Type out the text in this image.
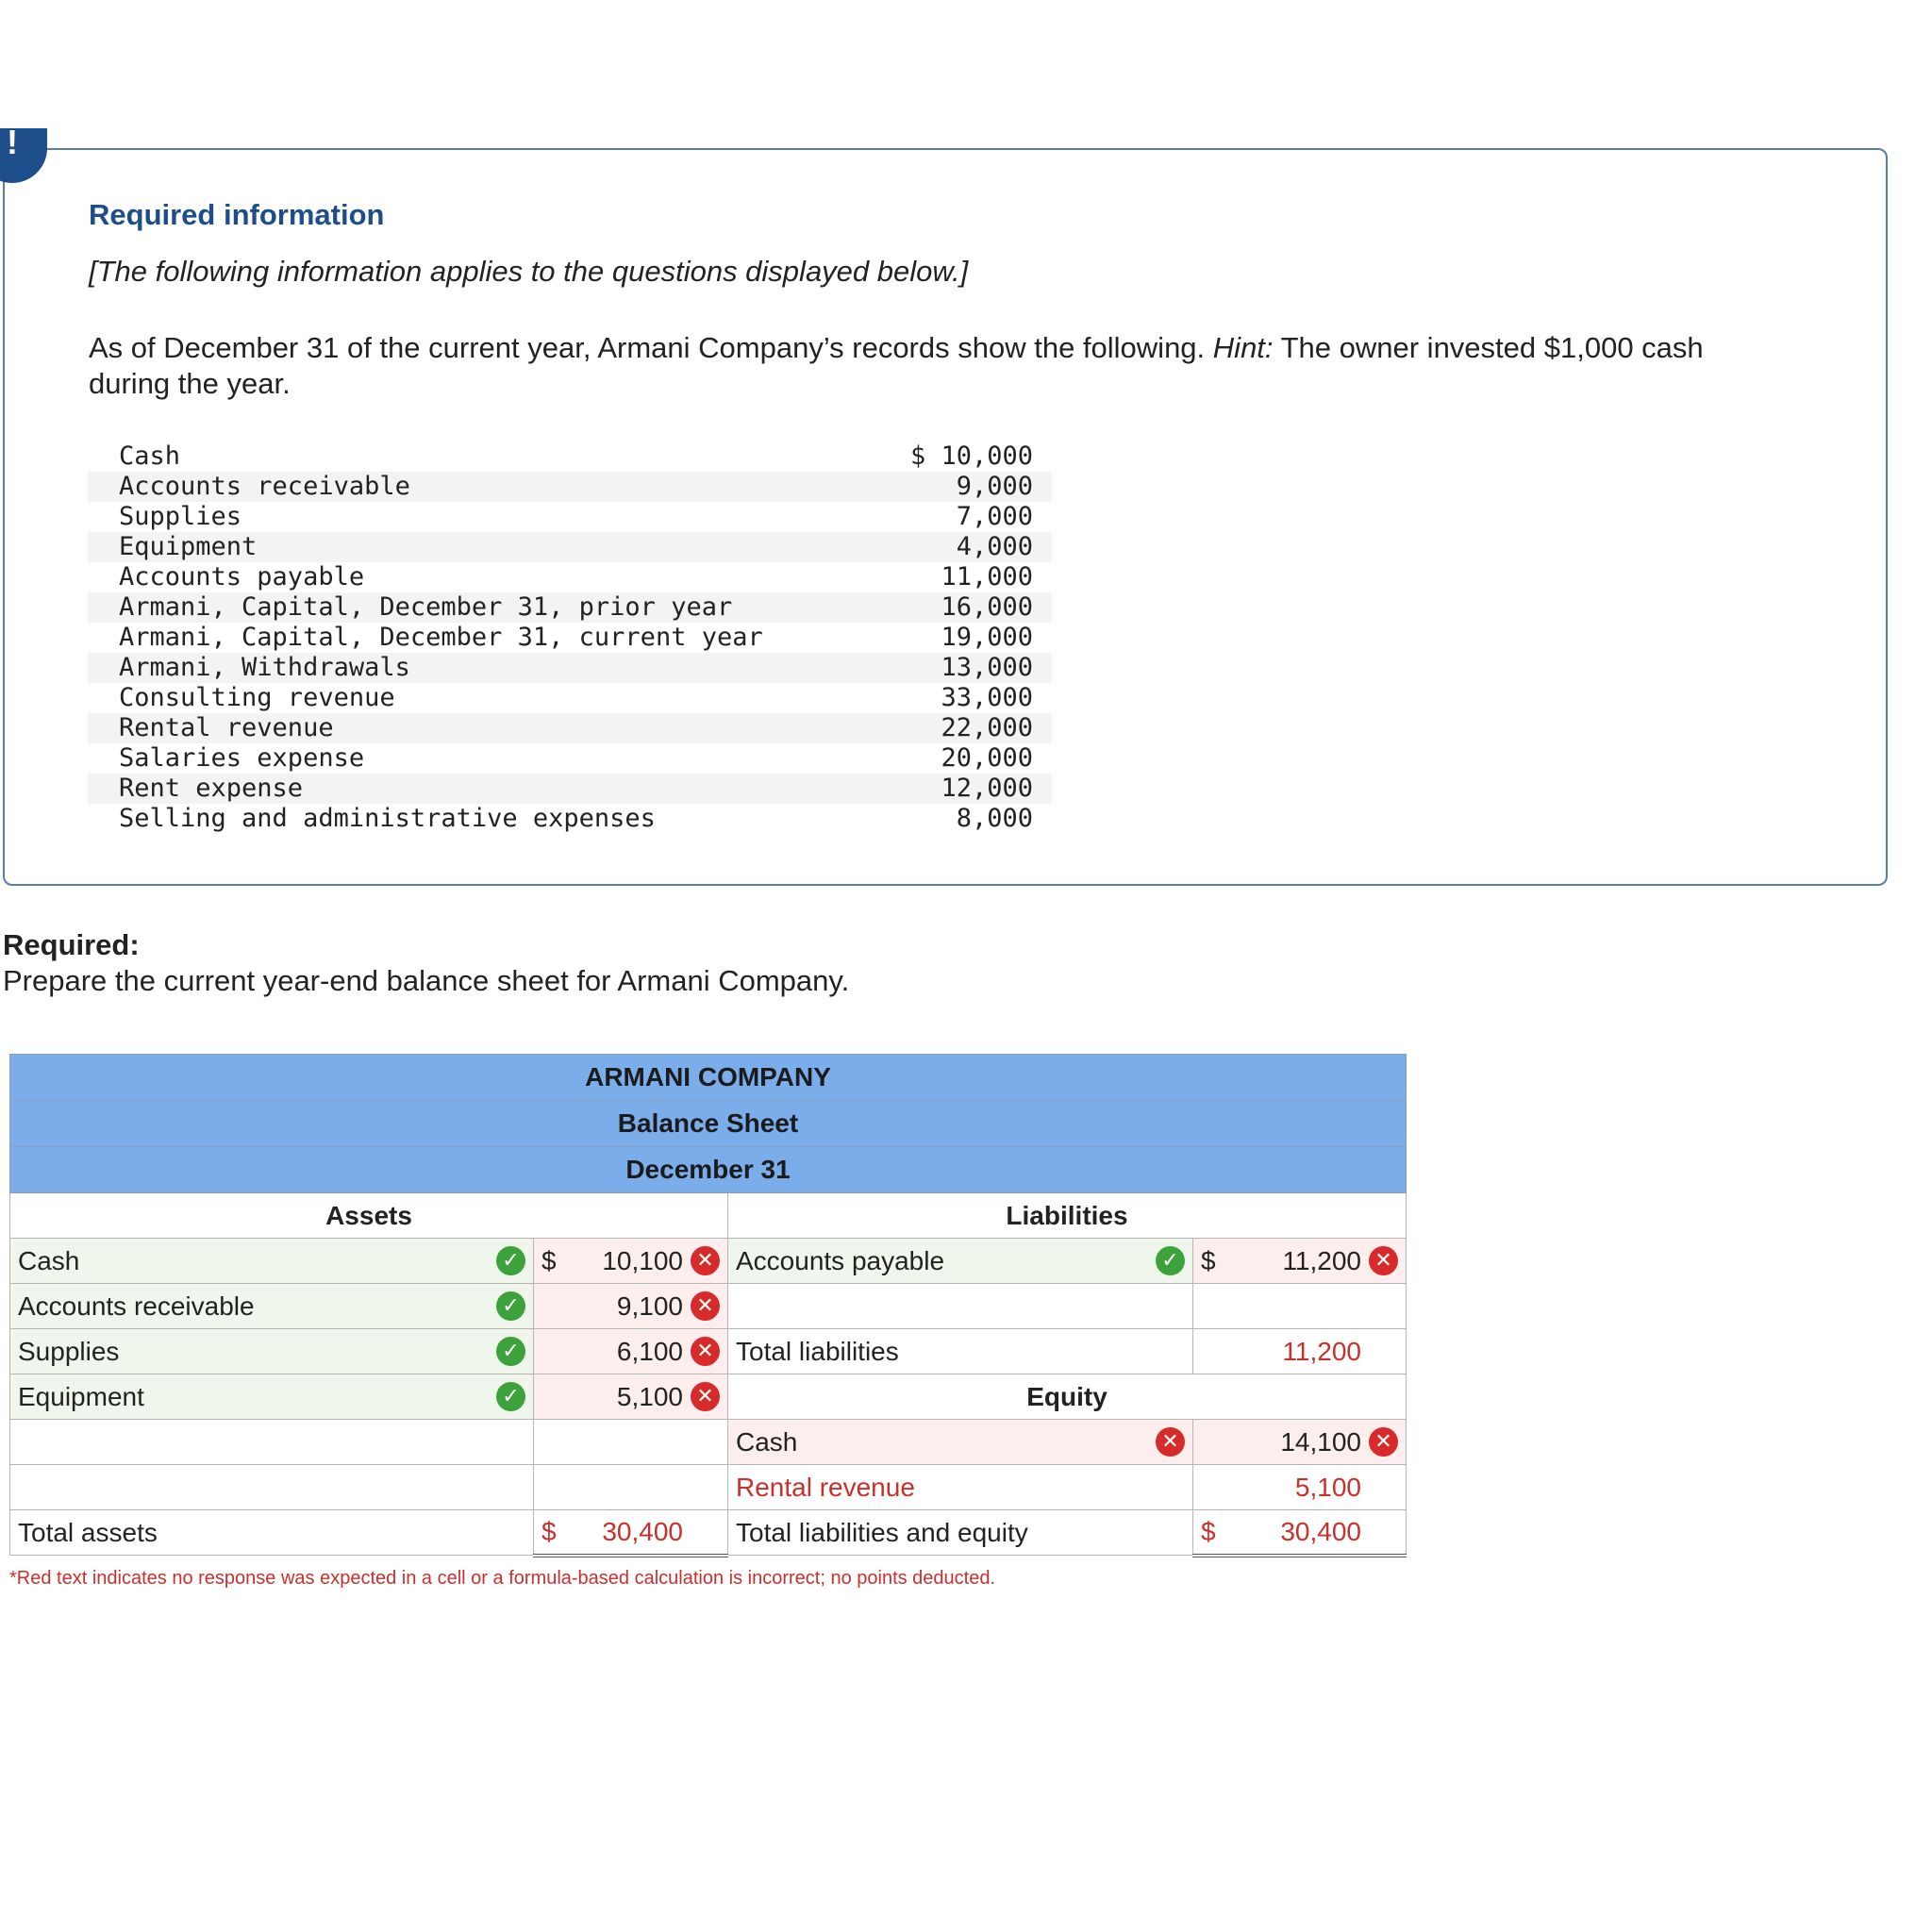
!
Required information

[The following information applies to the questions displayed below.]

As of December 31 of the current year, Armani Company’s records show the following. Hint: The owner invested $1,000 cash during the year.

Cash	$ 10,000
Accounts receivable	9,000
Supplies	7,000
Equipment	4,000
Accounts payable	11,000
Armani, Capital, December 31, prior year	16,000
Armani, Capital, December 31, current year	19,000
Armani, Withdrawals	13,000
Consulting revenue	33,000
Rental revenue	22,000
Salaries expense	20,000
Rent expense	12,000
Selling and administrative expenses	8,000

Required:

Prepare the current year-end balance sheet for Armani Company.

ARMANI COMPANY			
Balance Sheet			
December 31			
Assets		Liabilities	

Cash ✓	$ 10,100 ✕	Accounts payable ✓	$ 11,200 ✕

Accounts receivable ✓	9,100 ✕		

Supplies ✓	6,100 ✕	Total liabilities	11,200

Equipment ✓	5,100 ✕	Equity	

		Cash ✕	14,100 ✕

		Rental revenue	5,100

Total assets	$ 30,400	Total liabilities and equity	$ 30,400

*Red text indicates no response was expected in a cell or a formula-based calculation is incorrect; no points deducted.
